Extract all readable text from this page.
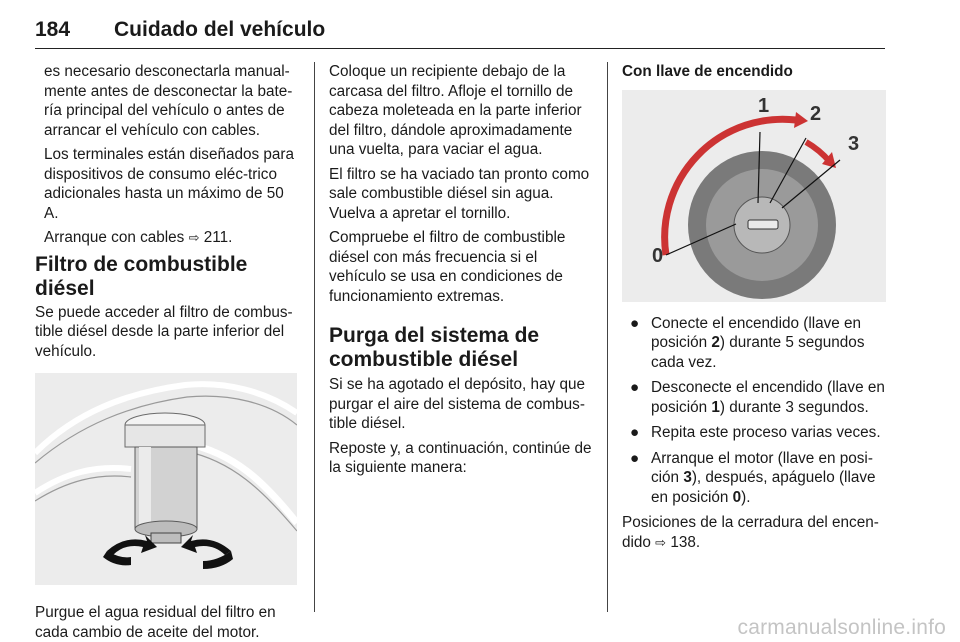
184 Cuidado del vehículo

es necesario desconectarla manual-mente antes de desconectar la bate-ría principal del vehículo o antes de arrancar el vehículo con cables.

Los terminales están diseñados para dispositivos de consumo eléc-trico adicionales hasta un máximo de 50 A.

Arranque con cables ⇨ 211.

Filtro de combustible diésel

Se puede acceder al filtro de combus-tible diésel desde la parte inferior del vehículo.

Purgue el agua residual del filtro en cada cambio de aceite del motor.

Coloque un recipiente debajo de la carcasa del filtro. Afloje el tornillo de cabeza moleteada en la parte inferior del filtro, dándole aproximadamente una vuelta, para vaciar el agua.

El filtro se ha vaciado tan pronto como sale combustible diésel sin agua. Vuelva a apretar el tornillo.

Compruebe el filtro de combustible diésel con más frecuencia si el vehículo se usa en condiciones de funcionamiento extremas.

Purga del sistema de combustible diésel

Si se ha agotado el depósito, hay que purgar el aire del sistema de combus-tible diésel.

Reposte y, a continuación, continúe de la siguiente manera:

Con llave de encendido
0
1 2
3
● Conecte el encendido (llave en posición 2) durante 5 segundos cada vez.
● Desconecte el encendido (llave en posición 1) durante 3 segundos.
● Repita este proceso varias veces.
● Arranque el motor (llave en posi-ción 3), después, apáguelo (llave en posición 0).

Posiciones de la cerradura del encen-dido ⇨ 138.

carmanualsonline.info
